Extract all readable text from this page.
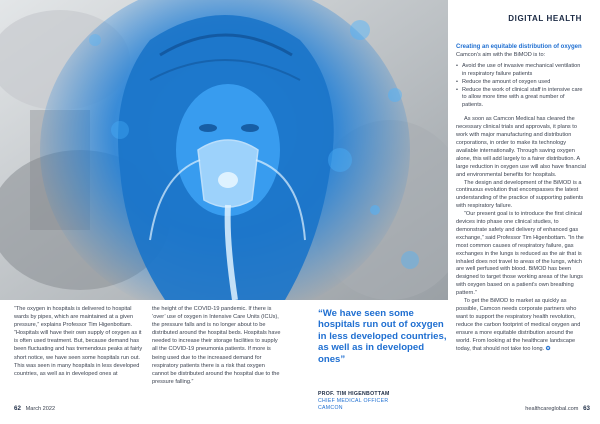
DIGITAL HEALTH

Creating an equitable distribution of oxygen

Camcon’s aim with the BiMOD is to:

• Avoid the use of invasive mechanical ventilation in respiratory failure patients
• Reduce the amount of oxygen used
• Reduce the work of clinical staff in intensive care to allow more time with a great number of patients.

As soon as Camcon Medical has cleared the necessary clinical trials and approvals, it plans to work with major manufacturing and distribution corporations, in order to make its technology available internationally. Through saving oxygen alone, this will add largely to a fairer distribution. A large reduction in oxygen use will also have financial and environmental benefits for hospitals.

The design and development of the BiMOD is a continuous evolution that encompasses the latest understanding of the practice of supporting patients with respiratory failure.

“Our present goal is to introduce the first clinical devices into phase one clinical studies, to demonstrate safety and delivery of enhanced gas exchange,” said Professor Tim Higenbottam. “In the most common causes of respiratory failure, gas exchanges in the lungs is reduced as the air that is inhaled does not travel to areas of the lungs, which are well perfused with blood. BiMOD has been designed to target those working areas of the lungs with oxygen based on a patient’s own breathing pattern.”

To get the BiMOD to market as quickly as possible, Camcon needs corporate partners who want to support the respiratory health revolution, reduce the carbon footprint of medical oxygen and ensure a more equitable distribution around the world. From looking at the healthcare landscape today, that should not take too long. ✪

“The oxygen in hospitals is delivered to hospital wards by pipes, which are maintained at a given pressure,” explains Professor Tim Higenbottam. “Hospitals will have their own supply of oxygen as it is often used treatment. But, because demand has been fluctuating and has tremendous peaks at fairly short notice, we have seen some hospitals run out. This was seen in many hospitals in less developed countries, as well as in developed ones at
the height of the COVID-19 pandemic. If there is ‘over’ use of oxygen in Intensive Care Units (ICUs), the pressure falls and is no longer about to be distributed around the hospital beds. Hospitals have needed to increase their storage facilities to supply all the COVID-19 pneumonia patients. If more is being used due to the increased demand for respiratory patients there is a risk that oxygen cannot be distributed around the hospital due to the pressure falling.”
“We have seen some hospitals run out of oxygen in less developed countries, as well as in developed ones”
PROF. TIM HIGENBOTTAM
CHIEF MEDICAL OFFICER
CAMCON
62 March 2022	healthcareglobal.com 63
